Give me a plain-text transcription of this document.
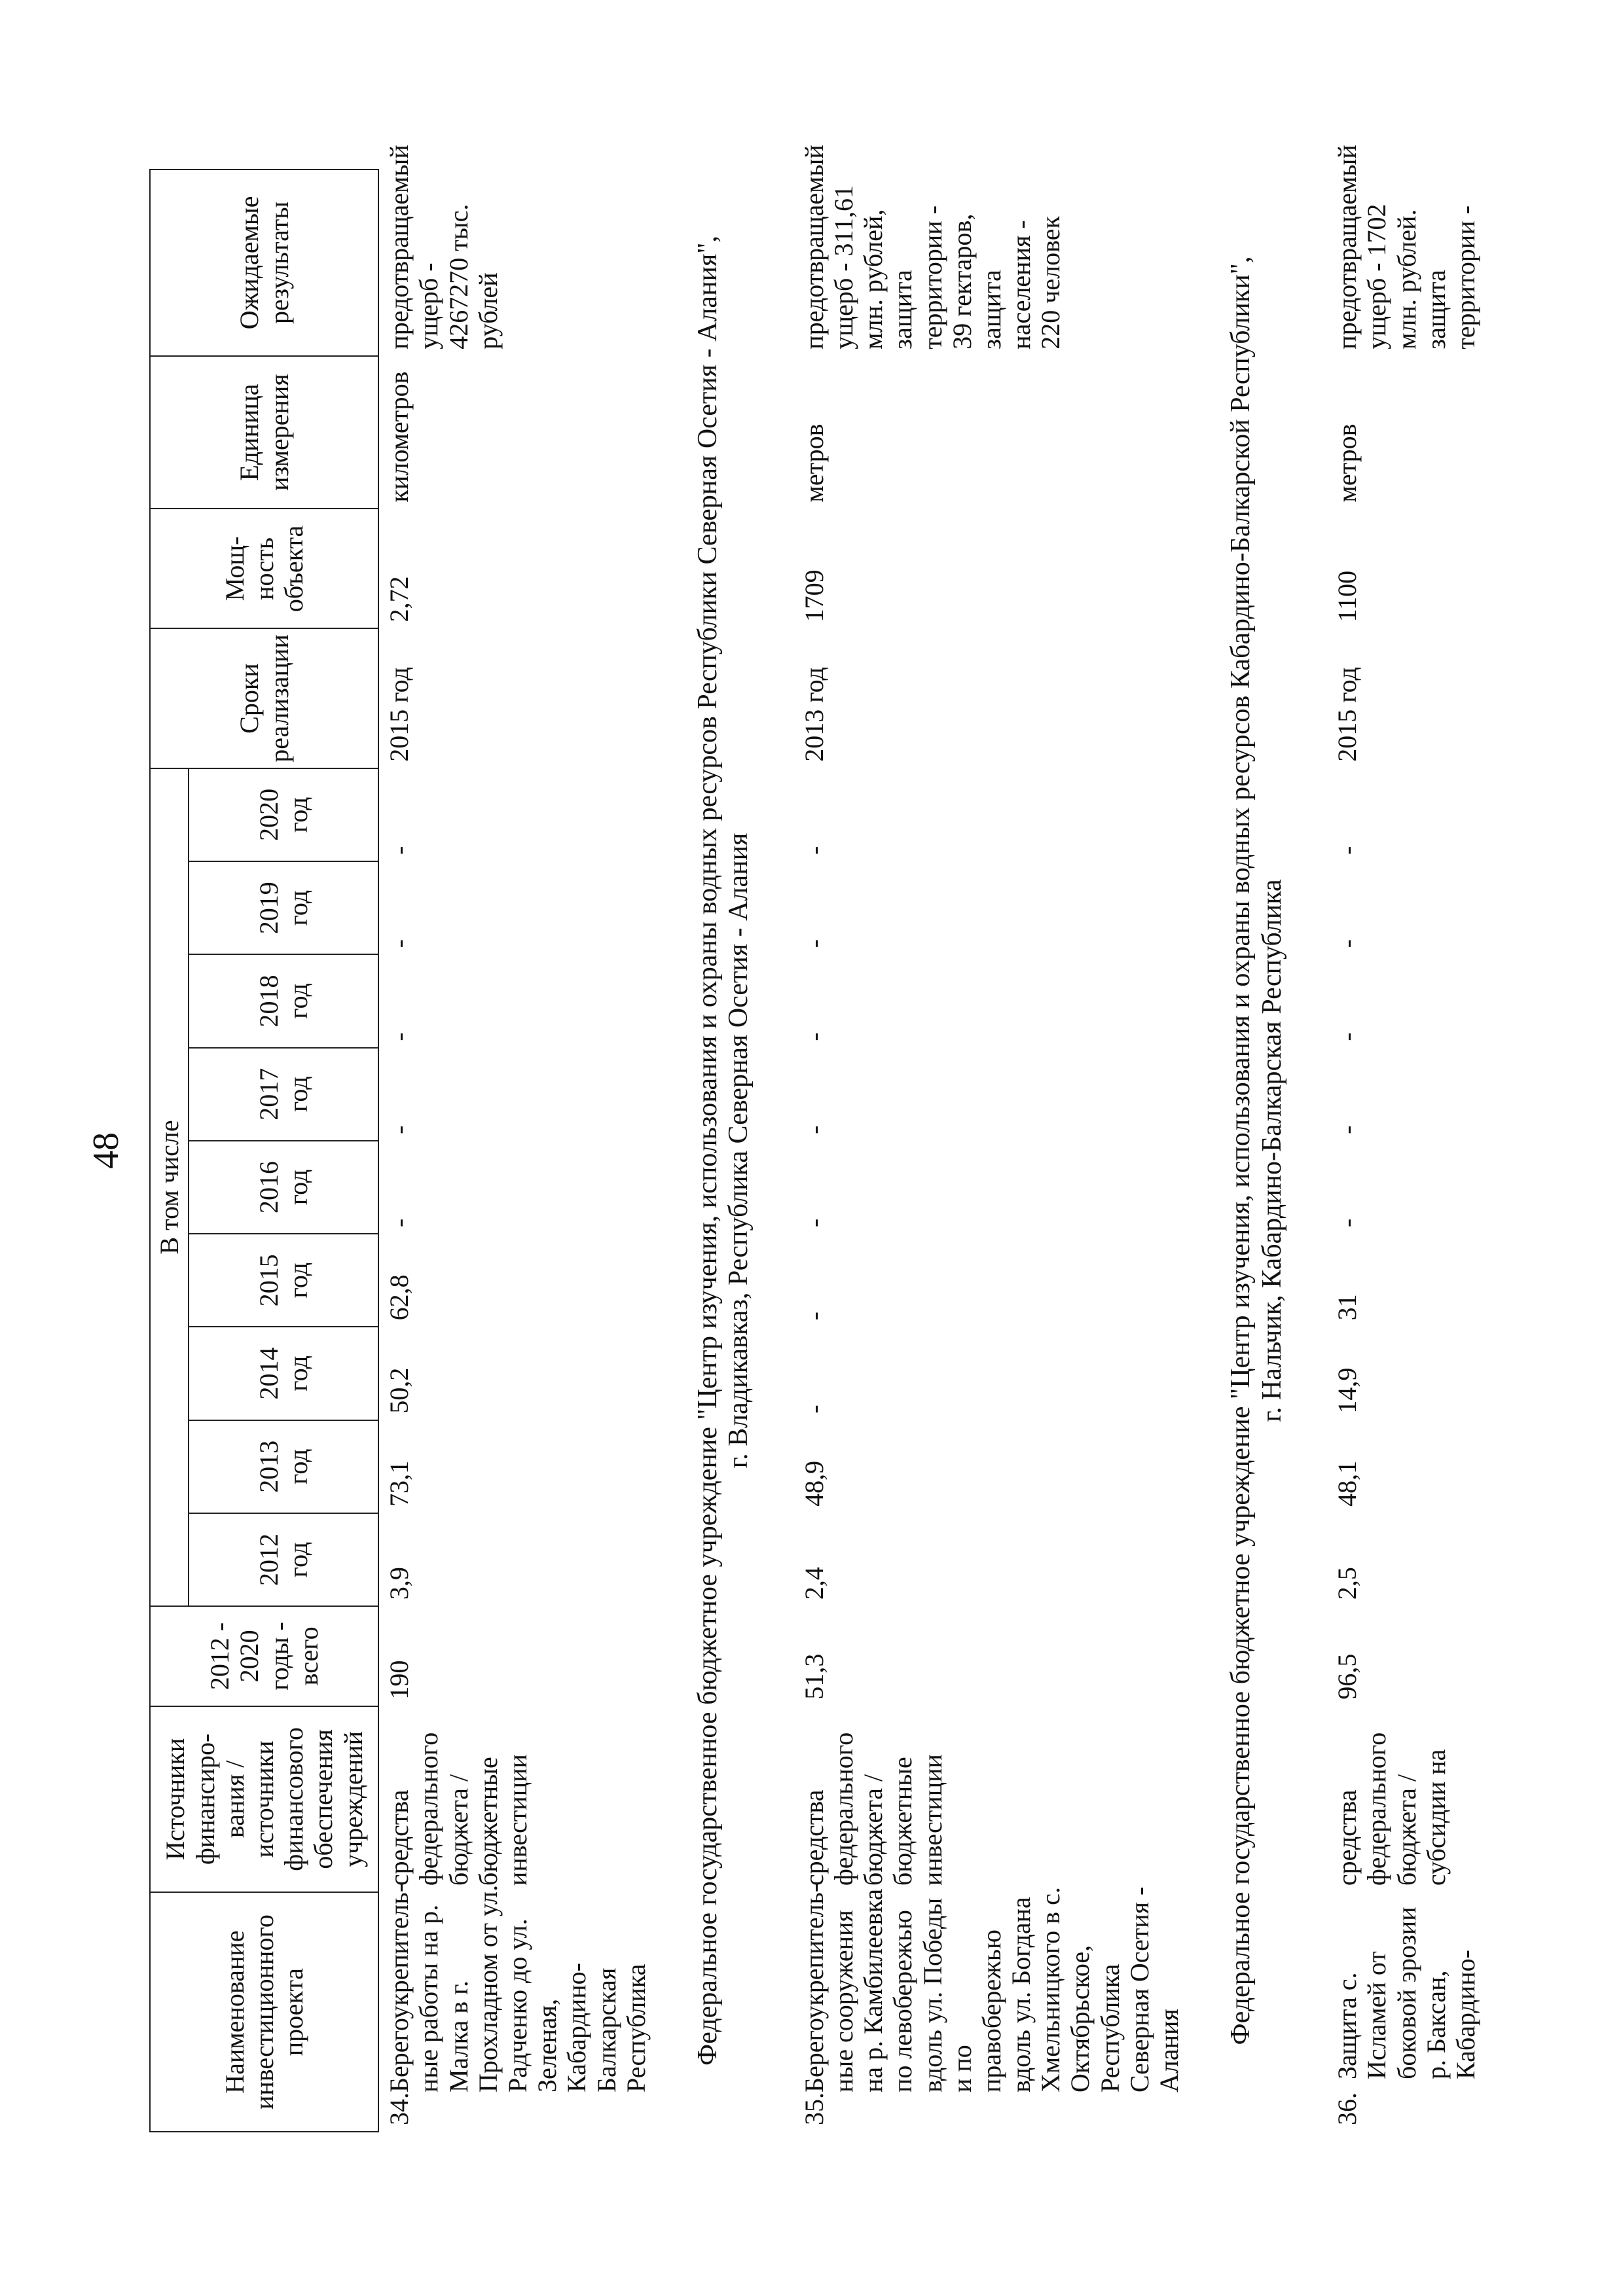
48
Наименование инвестиционного проекта	Источники финансиро-вания / источники финансового обеспечения учреждений	2012 - 2020 годы - всего	В том числе									Сроки реализации	Мощ-ность объекта	Единица измерения	Ожидаемые результаты
			2012 год	2013 год	2014 год	2015 год	2016 год	2017 год	2018 год	2019 год	2020 год				

34.
Берегоукрепитель-ные работы на р. Малка в г. Прохладном от ул. Радченко до ул. Зеленая, Кабардино-Балкарская Республика	средства федерального бюджета / бюджетные инвестиции	190	3,9	73,1	50,2	62,8	-	-	-	-	-	2015 год	2,72	километров	предотвращаемый ущерб - 4267270 тыс. рублей

Федеральное государственное бюджетное учреждение "Центр изучения, использования и охраны водных ресурсов Республики Северная Осетия - Алания", г. Владикавказ, Республика Северная Осетия - Алания															

35.
Берегоукрепитель-ные сооружения на р. Камбилеевка по левобережью вдоль ул. Победы и по правобережью вдоль ул. Богдана Хмельницкого в с. Октябрьское, Республика Северная Осетия - Алания	средства федерального бюджета / бюджетные инвестиции	51,3	2,4	48,9	-	-	-	-	-	-	-	2013 год	1709	метров	предотвращаемый ущерб - 311,61 млн. рублей, защита территории - 39 гектаров, защита населения - 220 человек

Федеральное государственное бюджетное учреждение "Центр изучения, использования и охраны водных ресурсов Кабардино-Балкарской Республики", г. Нальчик, Кабардино-Балкарская Республика															

36.
Защита с. Исламей от боковой эрозии р. Баксан, Кабардино-	средства федерального бюджета / субсидии на	96,5	2,5	48,1	14,9	31	-	-	-	-	-	2015 год	1100	метров	предотвращаемый ущерб - 1702 млн. рублей. защита территории -
